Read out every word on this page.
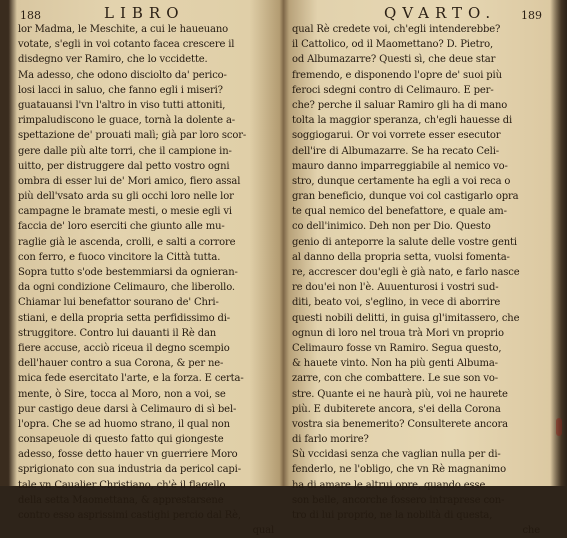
188	LIBRO
lor Madma, le Meschite, a cui le haueuano
votate, s'egli in voi cotanto facea crescere il
disdegno ver Ramiro, che lo vccidette.
Ma adesso, che odono disciolto da' perico-
losi lacci in saluo, che fanno egli i miseri?
guatauansi l'vn l'altro in viso tutti attoniti,
rimpaludiscono le guace, tornà la dolente a-
spettazione de' prouati malì; già par loro scor-
gere dalle più alte torri, che il campione in-
uitto, per distruggere dal petto vostro ogni
ombra di esser lui de' Mori amico, fiero assal
più dell'vsato arda su gli occhi loro nelle lor
campagne le bramate mesti, o mesie egli vi
faccia de' loro eserciti che giunto alle mu-
raglie già le ascenda, crolli, e salti a corrore
con ferro, e fuoco vincitore la Città tutta.
Sopra tutto s'ode bestemmiarsi da ognieran-
da ogni condizione Celimauro, che liberollo.
Chiamar lui benefattor sourano de' Chri-
stiani, e della propria setta perfidissimo di-
struggitore. Contro lui dauanti il Rè dan
fiere accuse, acciò riceua il degno scempio
dell'hauer contro a sua Corona, & per ne-
mica fede esercitato l'arte, e la forza. E certa-
mente, ò Sire, tocca al Moro, non a voi, se
pur castigo deue darsi à Celimauro di sì bel-
l'opra. Che se ad huomo strano, il qual non
consapeuole di questo fatto qui giongeste
adesso, fosse detto hauer vn guerriere Moro
sprigionato con sua industria da pericol capi-
tale vn Caualier Christiano, ch'è il flagello
della setta Maomettana, & apprestarsene
contro esso asprissimi castighi percio dal Rè,
qual
QVARTO. 189
qual Rè credete voi, ch'egli intenderebbe?
il Cattolico, od il Maomettano? D. Pietro,
od Albumazarre? Questi sì, che deue star
fremendo, e disponendo l'opre de' suoi più
feroci sdegni contro di Celimauro. E per-
che? perche il saluar Ramiro gli ha di mano
tolta la maggior speranza, ch'egli hauesse di
soggiogarui. Or voi vorrete esser esecutor
dell'ire di Albumazarre. Se ha recato Celi-
mauro danno imparreggiabile al nemico vo-
stro, dunque certamente ha egli a voi reca o
gran beneficio, dunque voi col castigarlo opra
te qual nemico del benefattore, e quale am-
co dell'inimico. Deh non per Dio. Questo
genio di anteporre la salute delle vostre genti
al danno della propria setta, vuolsi fomenta-
re, accrescer dou'egli è già nato, e farlo nasce
re dou'ei non l'è. Auuenturosi i vostri sud-
diti, beato voi, s'eglino, in vece di aborrire
questi nobili delitti, in guisa gl'imitassero, che
ognun di loro nel troua trà Mori vn proprio
Celimauro fosse vn Ramiro. Segua questo,
& hauete vinto. Non ha più genti Albuma-
zarre, con che combattere. Le sue son vo-
stre. Quante ei ne haurà più, voi ne haurete
più. E dubiterete ancora, s'ei della Corona
vostra sia benemerito? Consulterete ancora
di farlo morire?
Sù vccidasi senza che vaglian nulla per di-
fenderlo, ne l'obligo, che vn Rè magnanimo
ha di amare le altrui opre, quando esse
son belle, ancorche fossero intraprese con-
tro di lui proprio, ne la nobiltà di questa,
che
